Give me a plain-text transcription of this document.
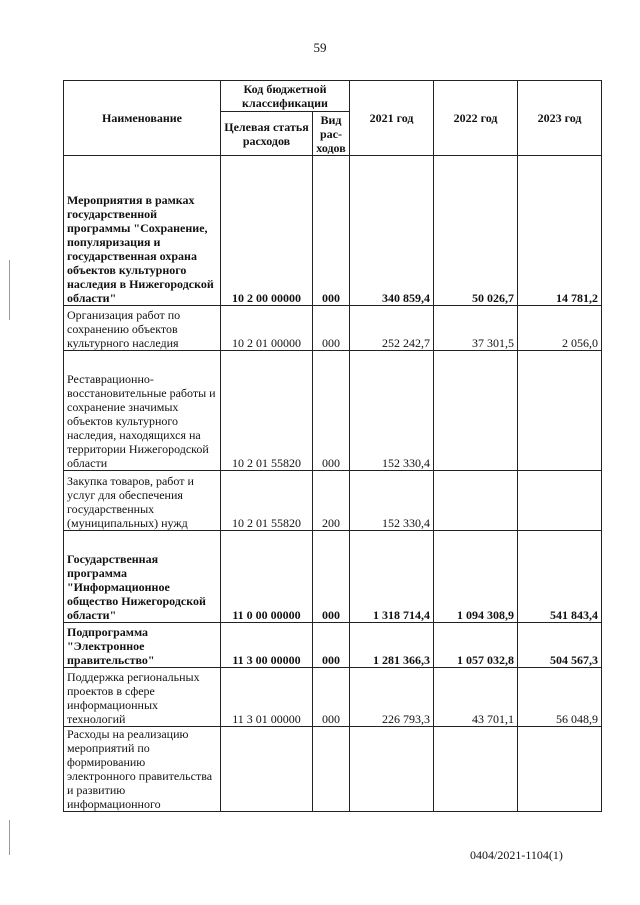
59
Наименование	Код бюджетной классификации		2021 год	2022 год	2023 год
	Целевая статья расходов	Вид рас-ходов			
Мероприятия в рамках государственной программы "Сохранение, популяризация и государственная охрана объектов культурного наследия в Нижегородской области"	10 2 00 00000	000	340 859,4	50 026,7	14 781,2
Организация работ по сохранению объектов культурного наследия	10 2 01 00000	000	252 242,7	37 301,5	2 056,0
Реставрационно-восстановительные работы и сохранение значимых объектов культурного наследия, находящихся на территории Нижегородской области	10 2 01 55820	000	152 330,4		
Закупка товаров, работ и услуг для обеспечения государственных (муниципальных) нужд	10 2 01 55820	200	152 330,4		
Государственная программа "Информационное общество Нижегородской области"	11 0 00 00000	000	1 318 714,4	1 094 308,9	541 843,4
Подпрограмма "Электронное правительство"	11 3 00 00000	000	1 281 366,3	1 057 032,8	504 567,3
Поддержка региональных проектов в сфере информационных технологий	11 3 01 00000	000	226 793,3	43 701,1	56 048,9
Расходы на реализацию мероприятий по формированию электронного правительства и развитию информационного					
0404/2021-1104(1)
